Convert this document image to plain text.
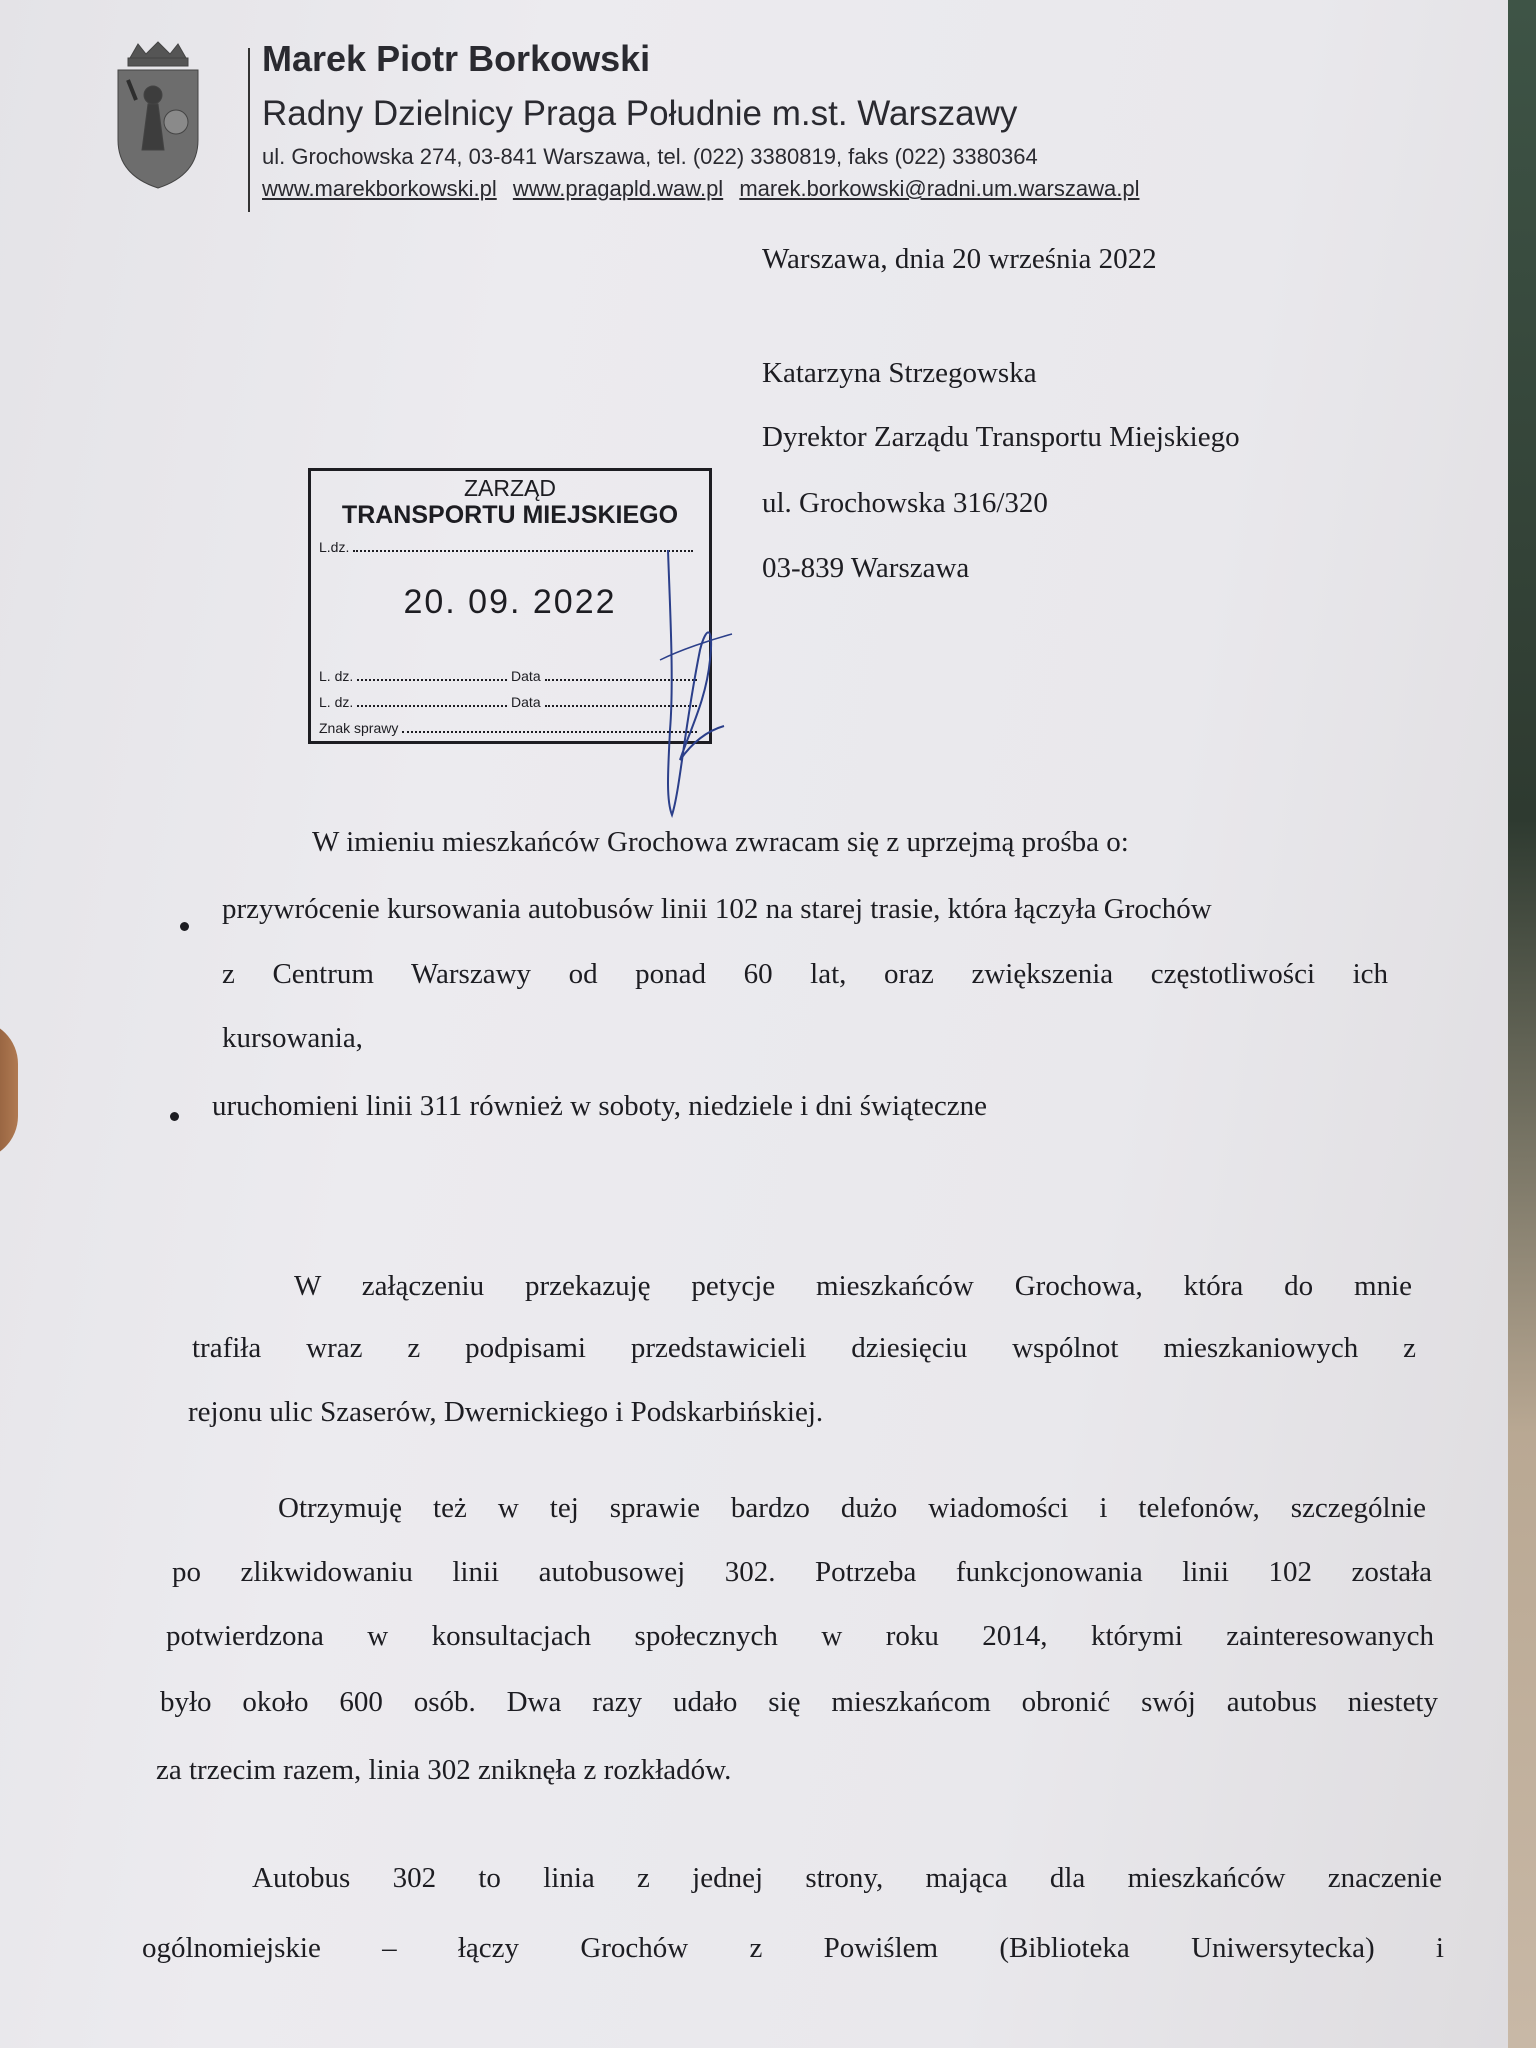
Marek Piotr Borkowski
Radny Dzielnicy Praga Południe m.st. Warszawy
ul. Grochowska 274, 03-841 Warszawa, tel. (022) 3380819, faks (022) 3380364
www.marekborkowski.pl www.pragapld.waw.pl marek.borkowski@radni.um.warszawa.pl
Warszawa, dnia 20 września 2022
Katarzyna Strzegowska
Dyrektor Zarządu Transportu Miejskiego
ul. Grochowska 316/320
03-839 Warszawa
ZARZĄD
TRANSPORTU MIEJSKIEGO
L.dz.
20. 09. 2022
L. dz.	Data
L. dz.	Data
Znak sprawy
W imieniu mieszkańców Grochowa zwracam się z uprzejmą prośba o:
przywrócenie kursowania autobusów linii 102 na starej trasie, która łączyła Grochów
z Centrum Warszawy od ponad 60 lat, oraz zwiększenia częstotliwości ich
kursowania,
uruchomieni linii 311 również w soboty, niedziele i dni świąteczne
W załączeniu przekazuję petycje mieszkańców Grochowa, która do mnie
trafiła wraz z podpisami przedstawicieli dziesięciu wspólnot mieszkaniowych z
rejonu ulic Szaserów, Dwernickiego i Podskarbińskiej.
Otrzymuję też w tej sprawie bardzo dużo wiadomości i telefonów, szczególnie
po zlikwidowaniu linii autobusowej 302. Potrzeba funkcjonowania linii 102 została
potwierdzona w konsultacjach społecznych w roku 2014, którymi zainteresowanych
było około 600 osób. Dwa razy udało się mieszkańcom obronić swój autobus niestety
za trzecim razem, linia 302 zniknęła z rozkładów.
Autobus 302 to linia z jednej strony, mająca dla mieszkańców znaczenie
ogólnomiejskie – łączy Grochów z Powiślem (Biblioteka Uniwersytecka) i
